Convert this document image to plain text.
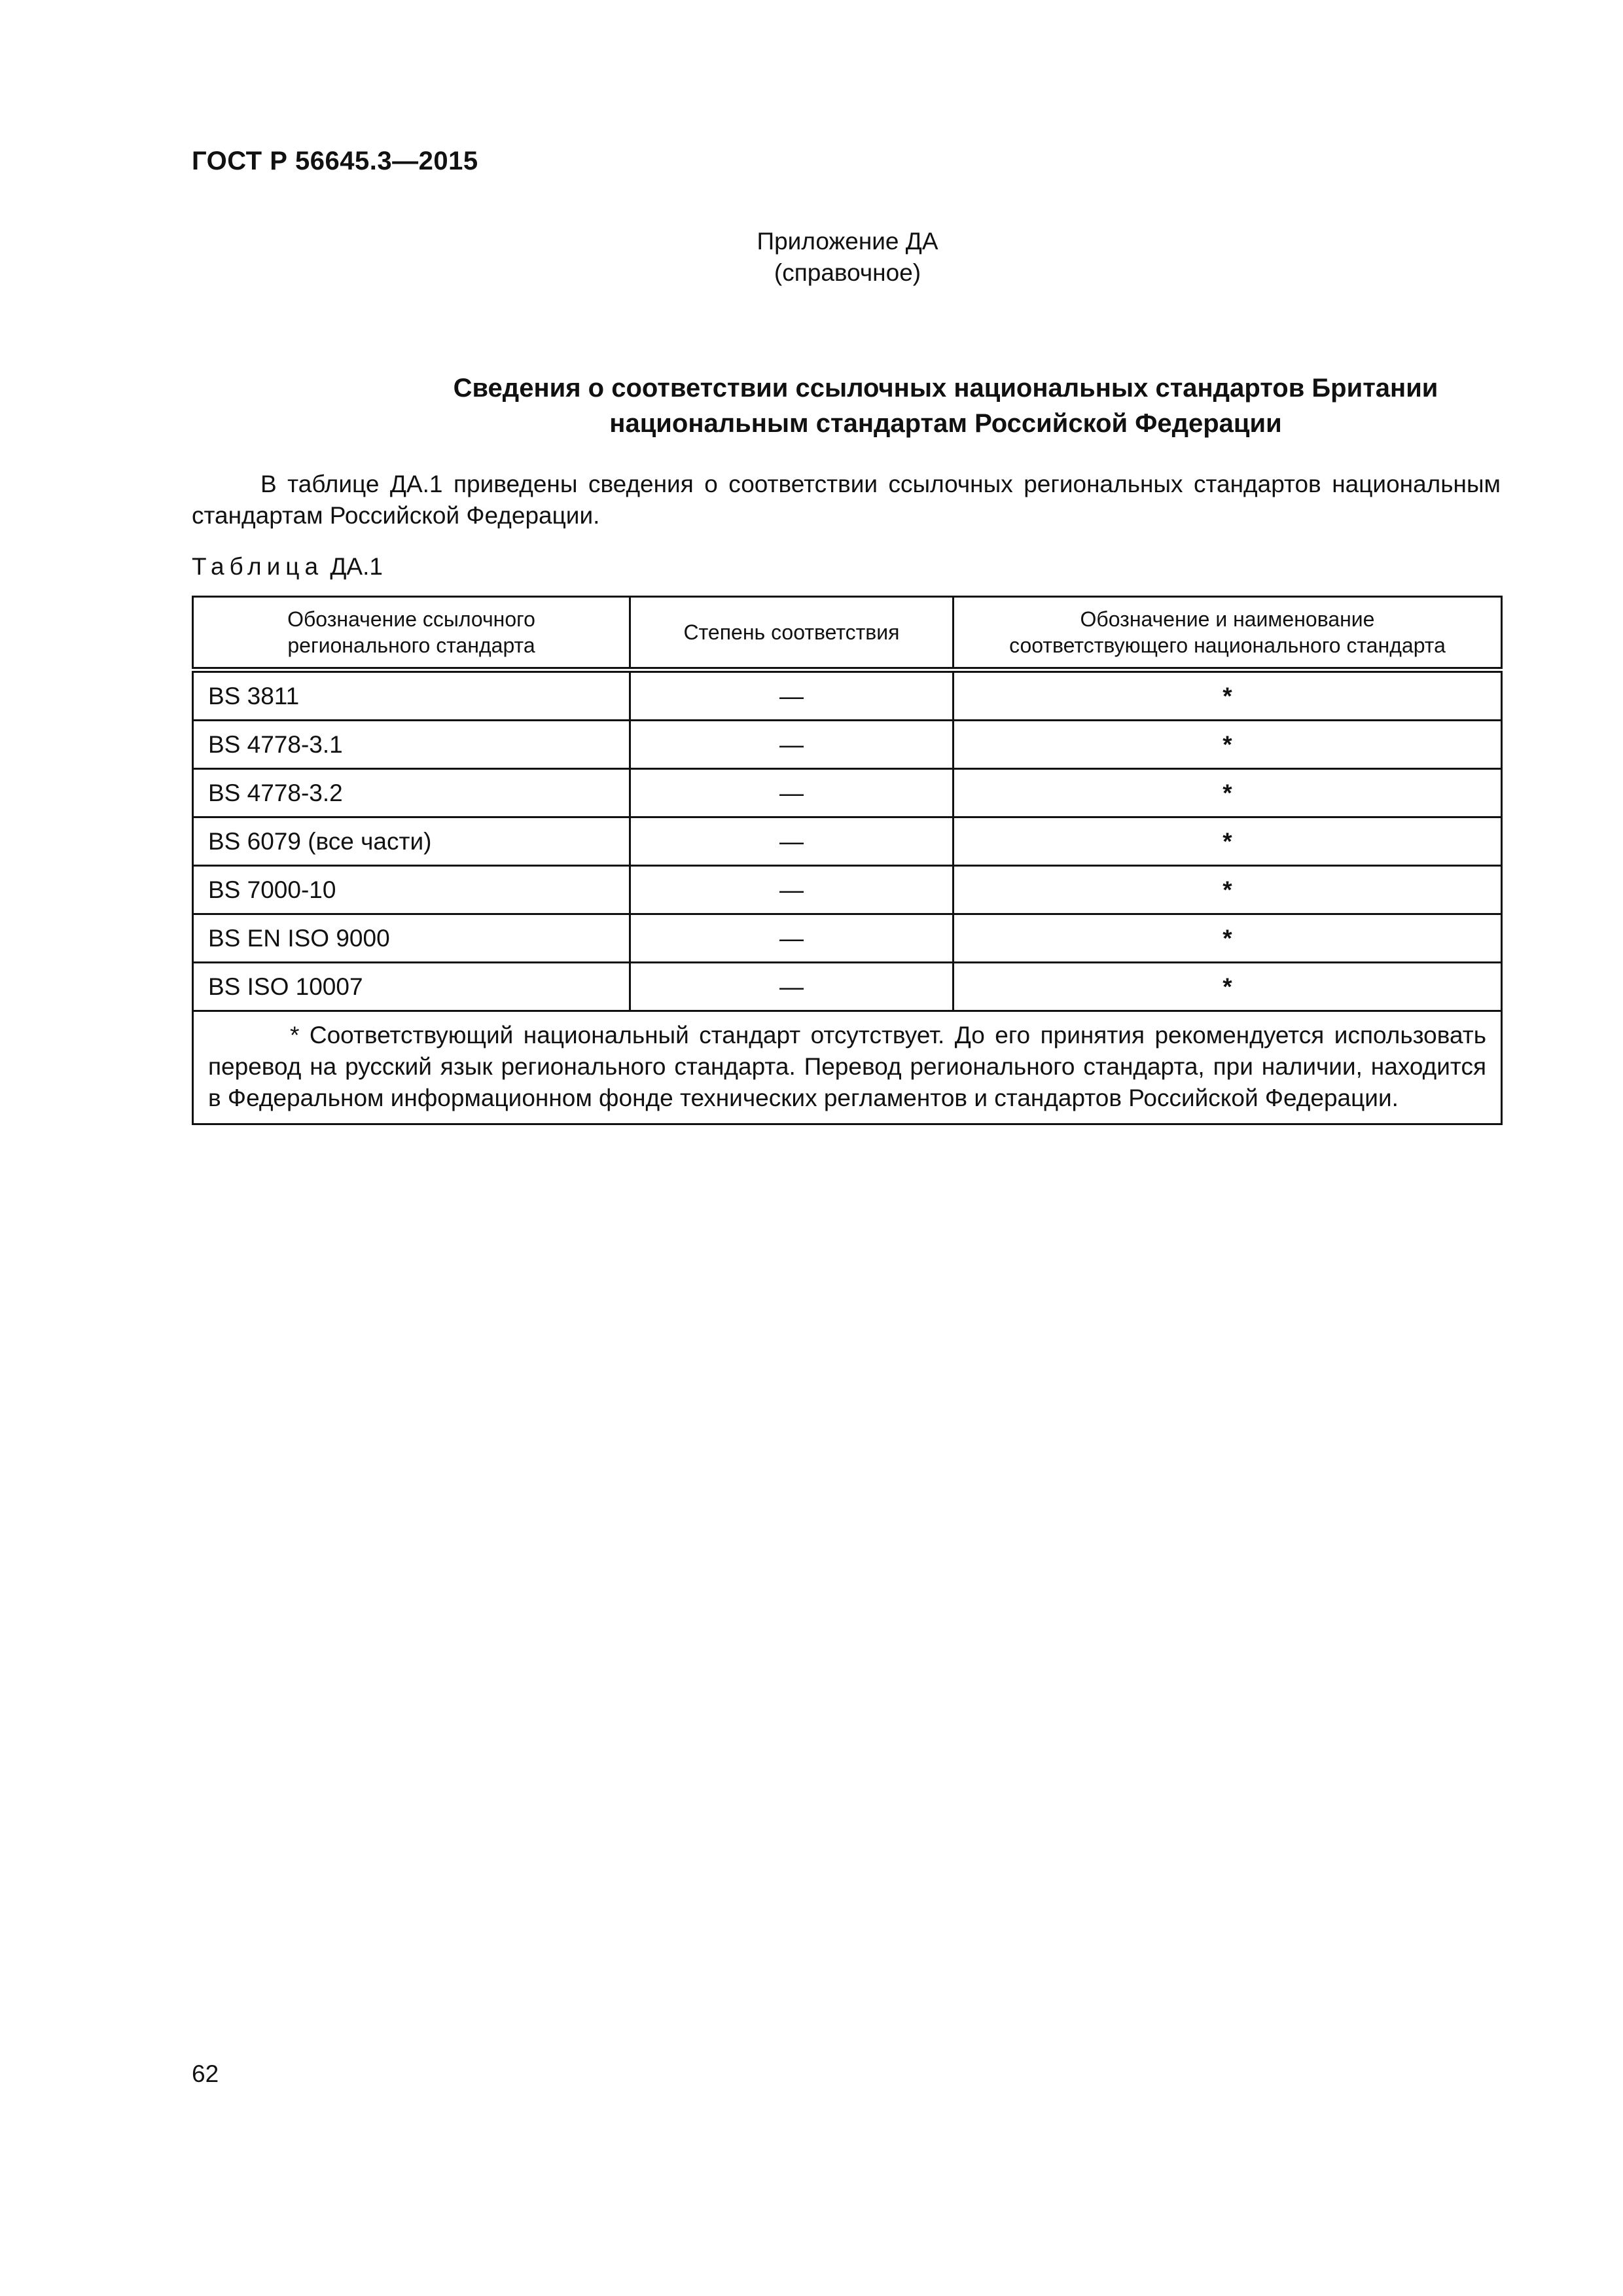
ГОСТ Р 56645.3—2015
Приложение ДА
(справочное)
Сведения о соответствии ссылочных национальных стандартов Британии
национальным стандартам Российской Федерации
В таблице ДА.1 приведены сведения о соответствии ссылочных региональных стандартов национальным стандартам Российской Федерации.
Таблица ДА.1
Обозначение ссылочного регионального стандарта	Степень соответствия	Обозначение и наименование соответствующего национального стандарта
BS 3811	—	*
BS 4778-3.1	—	*
BS 4778-3.2	—	*
BS 6079 (все части)	—	*
BS 7000-10	—	*
BS EN ISO 9000	—	*
BS ISO 10007	—	*
* Соответствующий национальный стандарт отсутствует. До его принятия рекомендуется использовать перевод на русский язык регионального стандарта. Перевод регионального стандарта, при наличии, находится в Федеральном информационном фонде технических регламентов и стандартов Российской Федерации.		
62
